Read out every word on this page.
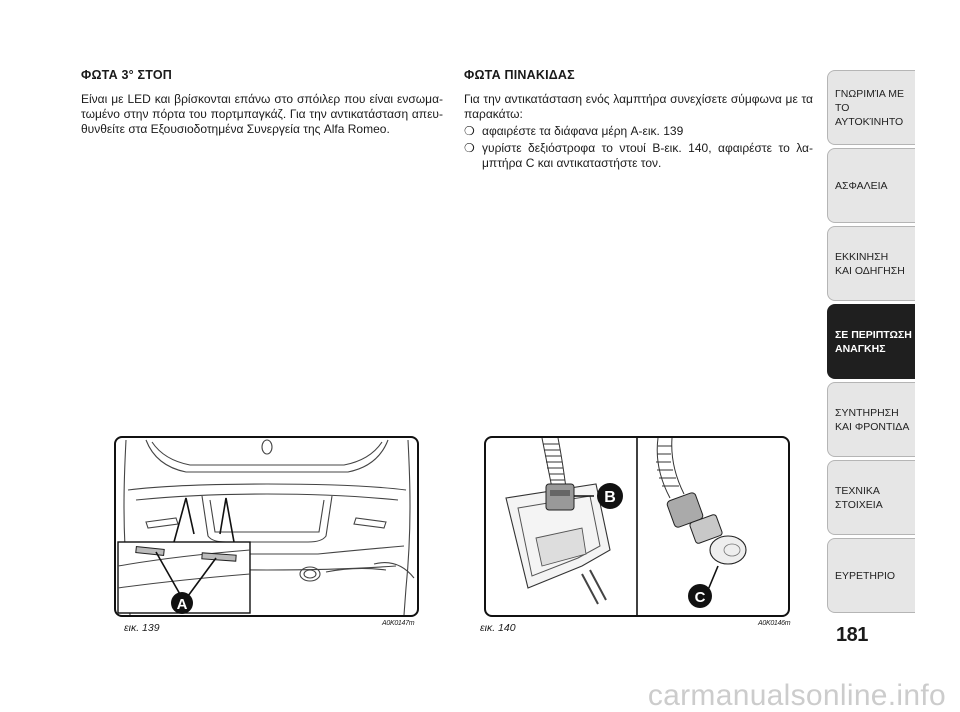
ΦΩΤΑ 3° ΣΤΟΠ

Είναι με LED και βρίσκονται επάνω στο σπόιλερ που είναι ενσωμα-τωμένο στην πόρτα του πορτμπαγκάζ. Για την αντικατάσταση απευ-θυνθείτε στα Εξουσιοδοτημένα Συνεργεία της Alfa Romeo.

ΦΩΤΑ ΠΙΝΑΚΙΔΑΣ

Για την αντικατάσταση ενός λαμπτήρα συνεχίσετε σύμφωνα με τα παρακάτω:

❍ αφαιρέστε τα διάφανα μέρη A-εικ. 139
❍ γυρίστε δεξιόστροφα το ντουί B-εικ. 140, αφαιρέστε το λα-μπτήρα C και αντικαταστήστε τον.
ΓΝΩΡΙΜΊΑ ΜΕ ΤΟ
ΑΥΤΟΚΊΝΗΤΟ
ΑΣΦΑΛΕΙΑ
ΕΚΚΙΝΗΣΗ
ΚΑΙ ΟΔΗΓΗΣΗ
ΣΕ ΠΕΡΙΠΤΩΣΗ
ΑΝΑΓΚΗΣ
ΣΥΝΤΗΡΗΣΗ
ΚΑΙ ΦΡΟΝΤΙΔΑ
ΤΕΧΝΙΚΑ
ΣΤΟΙΧΕΙΑ
ΕΥΡΕΤΗΡΙΟ
181
A
εικ. 139	A0K0147m
B
C
εικ. 140	A0K0146m
carmanualsonline.info
